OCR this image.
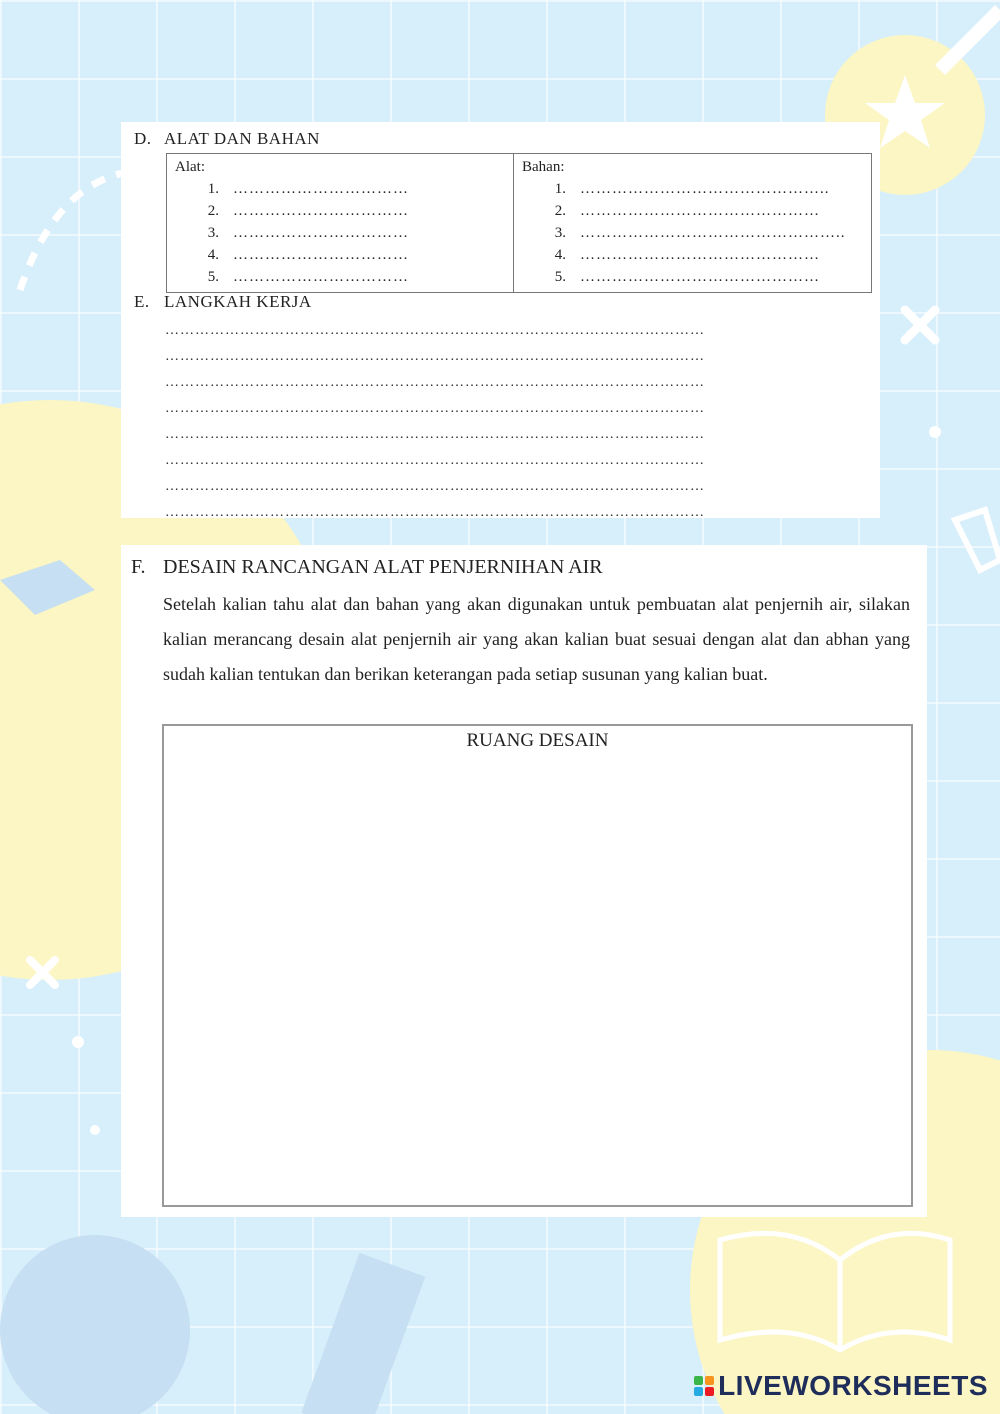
D. ALAT DAN BAHAN
Alat:
1. ……………………………
2. ……………………………
3. ……………………………
4. ……………………………
5. ……………………………

Bahan:
1. ………………………………………..
2. ………………………………………
3. …………………………………………..
4. ………………………………………
5. ………………………………………
E. LANGKAH KERJA
………………………………………………………………………………………………
………………………………………………………………………………………………
………………………………………………………………………………………………
………………………………………………………………………………………………
………………………………………………………………………………………………
………………………………………………………………………………………………
………………………………………………………………………………………………
………………………………………………………………………………………………
F. DESAIN RANCANGAN ALAT PENJERNIHAN AIR
Setelah kalian tahu alat dan bahan yang akan digunakan untuk pembuatan alat penjernih air, silakan kalian merancang desain alat penjernih air yang akan kalian buat sesuai dengan alat dan abhan yang sudah kalian tentukan dan berikan keterangan pada setiap susunan yang kalian buat.
RUANG DESAIN
LIVEWORKSHEETS
